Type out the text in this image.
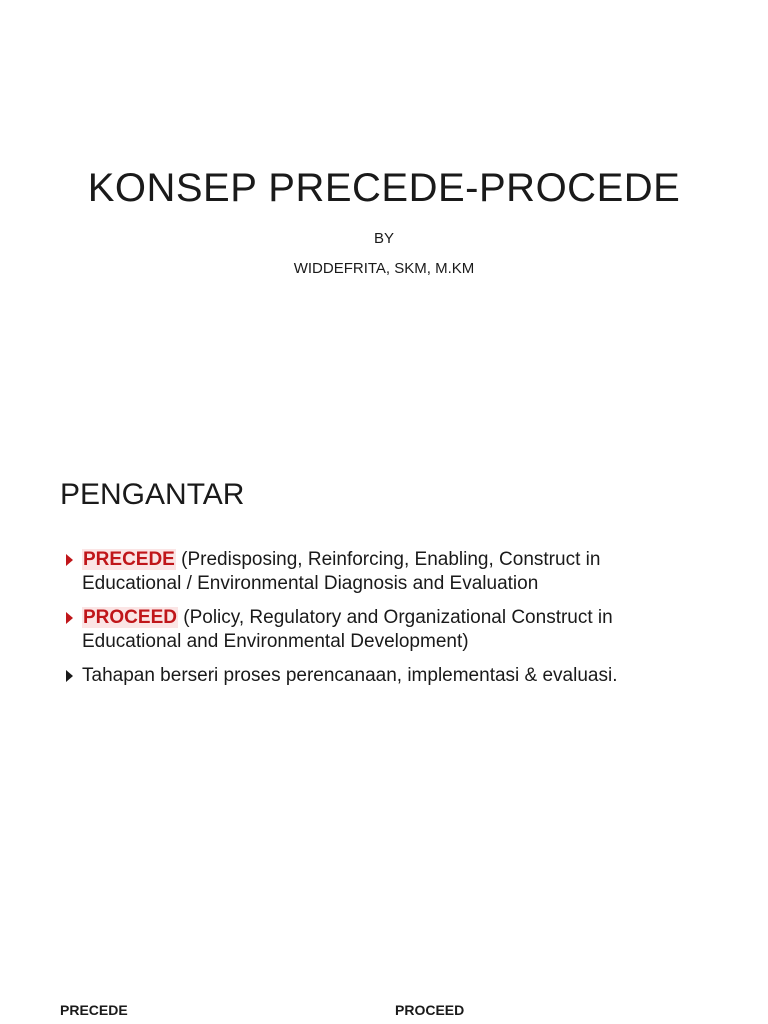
KONSEP PRECEDE-PROCEDE
BY
WIDDEFRITA, SKM, M.KM
PENGANTAR
PRECEDE (Predisposing, Reinforcing, Enabling, Construct in Educational / Environmental Diagnosis and Evaluation
PROCEED (Policy, Regulatory and Organizational Construct in Educational and Environmental Development)
Tahapan berseri proses perencanaan, implementasi & evaluasi.
PRECEDE	PROCEED
